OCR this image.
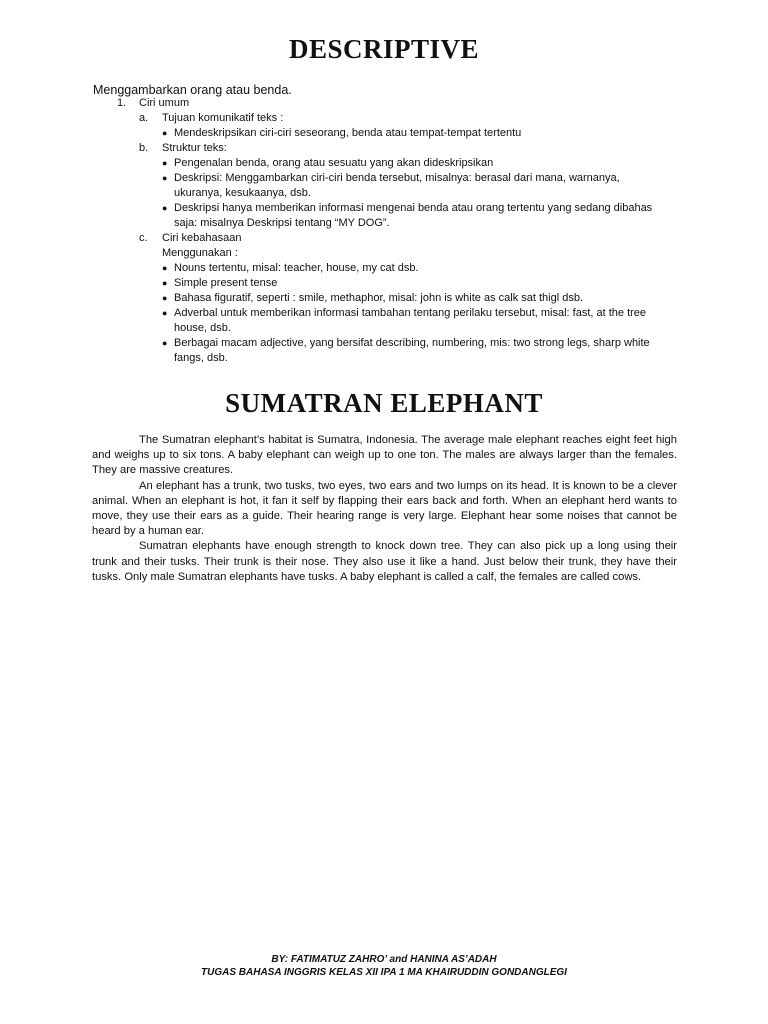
DESCRIPTIVE
Menggambarkan orang atau benda.
1. Ciri umum
a. Tujuan komunikatif teks :
● Mendeskripsikan ciri-ciri seseorang, benda atau tempat-tempat tertentu
b. Struktur teks:
● Pengenalan benda, orang atau sesuatu yang akan dideskripsikan
● Deskripsi: Menggambarkan ciri-ciri benda tersebut, misalnya: berasal dari mana, warnanya, ukuranya, kesukaanya, dsb.
● Deskripsi hanya memberikan informasi mengenai benda atau orang tertentu yang sedang dibahas saja: misalnya Deskripsi tentang “MY DOG”.
c. Ciri kebahasaan
Menggunakan :
● Nouns tertentu, misal: teacher, house, my cat dsb.
● Simple present tense
● Bahasa figuratif, seperti : smile, methaphor, misal: john is white as calk sat thigl dsb.
● Adverbal untuk memberikan informasi tambahan tentang perilaku tersebut, misal: fast, at the tree house, dsb.
● Berbagai macam adjective, yang bersifat describing, numbering, mis: two strong legs, sharp white fangs, dsb.
SUMATRAN ELEPHANT

The Sumatran elephant’s habitat is Sumatra, Indonesia. The average male elephant reaches eight feet high and weighs up to six tons. A baby elephant can weigh up to one ton. The males are always larger than the females. They are massive creatures.

An elephant has a trunk, two tusks, two eyes, two ears and two lumps on its head. It is known to be a clever animal. When an elephant is hot, it fan it self by flapping their ears back and forth. When an elephant herd wants to move, they use their ears as a guide. Their hearing range is very large. Elephant hear some noises that cannot be heard by a human ear.

Sumatran elephants have enough strength to knock down tree. They can also pick up a long using their trunk and their tusks. Their trunk is their nose. They also use it like a hand. Just below their trunk, they have their tusks. Only male Sumatran elephants have tusks. A baby elephant is called a calf, the females are called cows.

BY: FATIMATUZ ZAHRO’ and HANINA AS’ADAH
TUGAS BAHASA INGGRIS KELAS XII IPA 1 MA KHAIRUDDIN GONDANGLEGI
